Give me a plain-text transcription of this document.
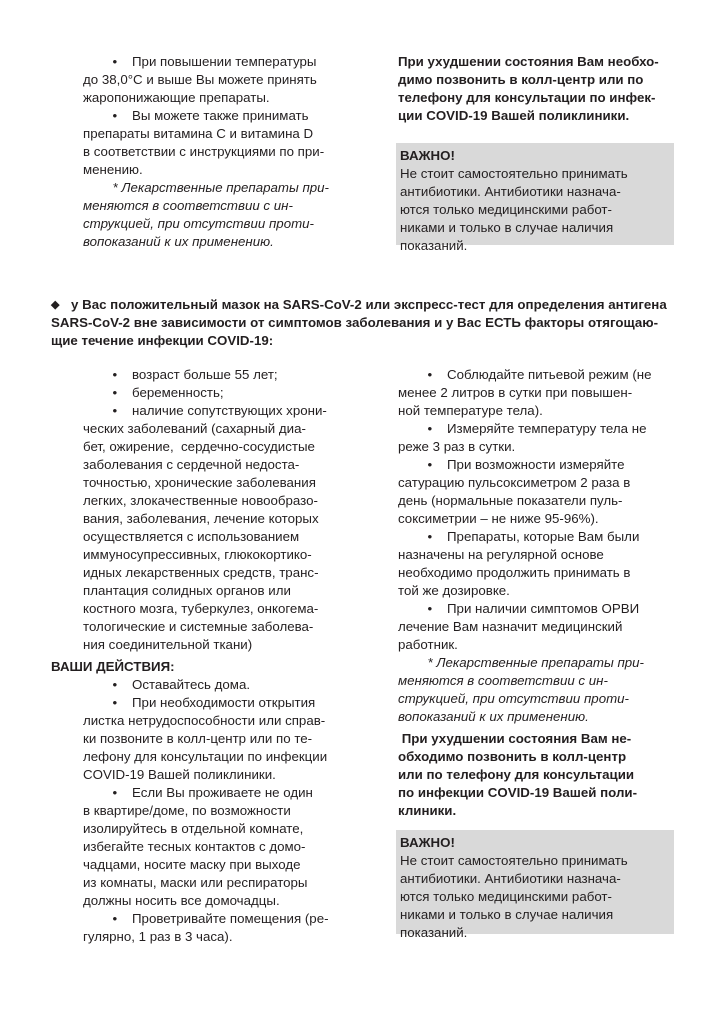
•    При повышении температуры
до 38,0°С и выше Вы можете принять
жаропонижающие препараты.
•    Вы можете также принимать
препараты витамина С и витамина D
в соответствии с инструкциями по при-
менению.
* Лекарственные препараты при-
меняются в соответствии с ин-
струкцией, при отсутствии проти-
вопоказаний к их применению.
При ухудшении состояния Вам необхо-
димо позвонить в колл-центр или по
телефону для консультации по инфек-
ции COVID-19 Вашей поликлиники.
ВАЖНО!
Не стоит самостоятельно принимать
антибиотики. Антибиотики назнача-
ются только медицинскими работ-
никами и только в случае наличия
показаний.
◆ у Вас положительный мазок на SARS-CoV-2 или экспресс-тест для определения антигена
SARS-CoV-2 вне зависимости от симптомов заболевания и у Вас ЕСТЬ факторы отягощаю-
щие течение инфекции COVID-19:
•    возраст больше 55 лет;
•    беременность;
•    наличие сопутствующих хрони-
ческих заболеваний (сахарный диа-
бет, ожирение,  сердечно-сосудистые
заболевания с сердечной недоста-
точностью, хронические заболевания
легких, злокачественные новообразо-
вания, заболевания, лечение которых
осуществляется с использованием
иммуносупрессивных, глюкокортико-
идных лекарственных средств, транс-
плантация солидных органов или
костного мозга, туберкулез, онкогема-
тологические и системные заболева-
ния соединительной ткани)
ВАШИ ДЕЙСТВИЯ:
•    Оставайтесь дома.
•    При необходимости открытия
листка нетрудоспособности или справ-
ки позвоните в колл-центр или по те-
лефону для консультации по инфекции
COVID-19 Вашей поликлиники.
•    Если Вы проживаете не один
в квартире/доме, по возможности
изолируйтесь в отдельной комнате,
избегайте тесных контактов с домо-
чадцами, носите маску при выходе
из комнаты, маски или респираторы
должны носить все домочадцы.
•    Проветривайте помещения (ре-
гулярно, 1 раз в 3 часа).
•    Соблюдайте питьевой режим (не
менее 2 литров в сутки при повышен-
ной температуре тела).
•    Измеряйте температуру тела не
реже 3 раз в сутки.
•    При возможности измеряйте
сатурацию пульсоксиметром 2 раза в
день (нормальные показатели пуль-
соксиметрии – не ниже 95-96%).
•    Препараты, которые Вам были
назначены на регулярной основе
необходимо продолжить принимать в
той же дозировке.
•    При наличии симптомов ОРВИ
лечение Вам назначит медицинский
работник.
* Лекарственные препараты при-
меняются в соответствии с ин-
струкцией, при отсутствии проти-
вопоказаний к их применению.
При ухудшении состояния Вам не-
обходимо позвонить в колл-центр
или по телефону для консультации
по инфекции COVID-19 Вашей поли-
клиники.
ВАЖНО!
Не стоит самостоятельно принимать
антибиотики. Антибиотики назнача-
ются только медицинскими работ-
никами и только в случае наличия
показаний.
